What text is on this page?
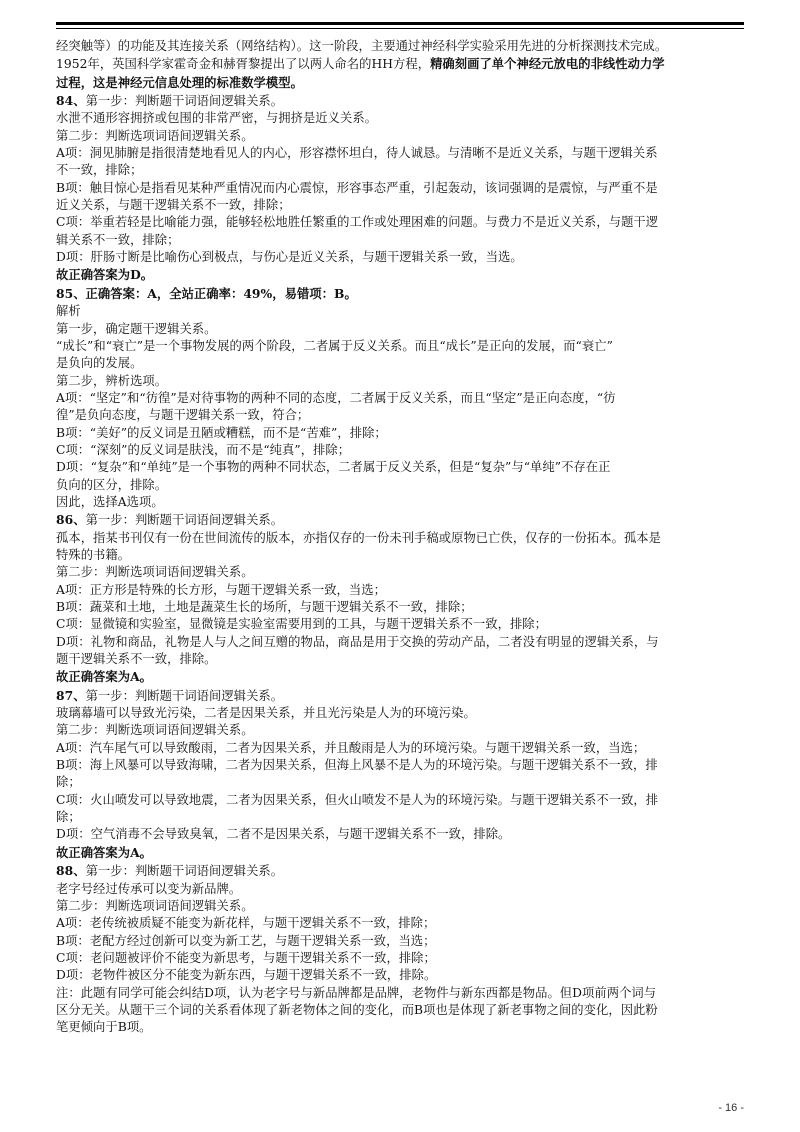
经突触等）的功能及其连接关系（网络结构）。这一阶段，主要通过神经科学实验采用先进的分析探测技术完成。

1952年，英国科学家霍奇金和赫胥黎提出了以两人命名的HH方程，精确刻画了单个神经元放电的非线性动力学

过程，这是神经元信息处理的标准数学模型。

84、第一步：判断题干词语间逻辑关系。

水泄不通形容拥挤或包围的非常严密，与拥挤是近义关系。

第二步：判断选项词语间逻辑关系。

A项：洞见肺腑是指很清楚地看见人的内心，形容襟怀坦白，待人诚恳。与清晰不是近义关系，与题干逻辑关系

不一致，排除；

B项：触目惊心是指看见某种严重情况而内心震惊，形容事态严重，引起轰动，该词强调的是震惊，与严重不是

近义关系，与题干逻辑关系不一致，排除；

C项：举重若轻是比喻能力强，能够轻松地胜任繁重的工作或处理困难的问题。与费力不是近义关系，与题干逻

辑关系不一致，排除；

D项：肝肠寸断是比喻伤心到极点，与伤心是近义关系，与题干逻辑关系一致，当选。

故正确答案为D。

85、正确答案：A，全站正确率：49%，易错项：B。

解析

第一步，确定题干逻辑关系。

“成长”和“衰亡”是一个事物发展的两个阶段，二者属于反义关系。而且“成长”是正向的发展，而“衰亡”

是负向的发展。

第二步，辨析选项。

A项：“坚定”和“彷徨”是对待事物的两种不同的态度，二者属于反义关系，而且“坚定”是正向态度，“彷

徨”是负向态度，与题干逻辑关系一致，符合；

B项：“美好”的反义词是丑陋或糟糕，而不是“苦难”，排除；

C项：“深刻”的反义词是肤浅，而不是“纯真”，排除；

D项：“复杂”和“单纯”是一个事物的两种不同状态，二者属于反义关系，但是“复杂”与“单纯”不存在正

负向的区分，排除。

因此，选择A选项。

86、第一步：判断题干词语间逻辑关系。

孤本，指某书刊仅有一份在世间流传的版本，亦指仅存的一份未刊手稿或原物已亡佚，仅存的一份拓本。孤本是

特殊的书籍。

第二步：判断选项词语间逻辑关系。

A项：正方形是特殊的长方形，与题干逻辑关系一致，当选；

B项：蔬菜和土地，土地是蔬菜生长的场所，与题干逻辑关系不一致，排除；

C项：显微镜和实验室，显微镜是实验室需要用到的工具，与题干逻辑关系不一致，排除；

D项：礼物和商品，礼物是人与人之间互赠的物品，商品是用于交换的劳动产品，二者没有明显的逻辑关系，与

题干逻辑关系不一致，排除。

故正确答案为A。

87、第一步：判断题干词语间逻辑关系。

玻璃幕墙可以导致光污染，二者是因果关系，并且光污染是人为的环境污染。

第二步：判断选项词语间逻辑关系。

A项：汽车尾气可以导致酸雨，二者为因果关系，并且酸雨是人为的环境污染。与题干逻辑关系一致，当选；

B项：海上风暴可以导致海啸，二者为因果关系，但海上风暴不是人为的环境污染。与题干逻辑关系不一致，排

除；

C项：火山喷发可以导致地震，二者为因果关系，但火山喷发不是人为的环境污染。与题干逻辑关系不一致，排

除；

D项：空气消毒不会导致臭氧，二者不是因果关系，与题干逻辑关系不一致，排除。

故正确答案为A。

88、第一步：判断题干词语间逻辑关系。

老字号经过传承可以变为新品牌。

第二步：判断选项词语间逻辑关系。

A项：老传统被质疑不能变为新花样，与题干逻辑关系不一致，排除；

B项：老配方经过创新可以变为新工艺，与题干逻辑关系一致，当选；

C项：老问题被评价不能变为新思考，与题干逻辑关系不一致，排除；

D项：老物件被区分不能变为新东西，与题干逻辑关系不一致，排除。

注：此题有同学可能会纠结D项，认为老字号与新品牌都是品牌，老物件与新东西都是物品。但D项前两个词与

区分无关。从题干三个词的关系看体现了新老物体之间的变化，而B项也是体现了新老事物之间的变化，因此粉

笔更倾向于B项。

- 16 -
